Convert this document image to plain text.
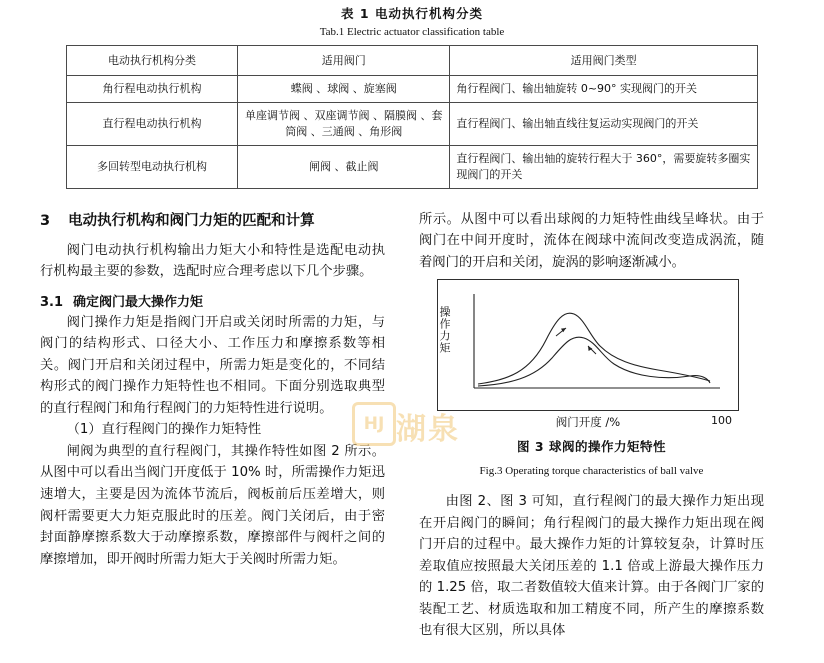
表 1 电动执行机构分类
Tab.1 Electric actuator classification table
电动执行机构分类	适用阀门	适用阀门类型
角行程电动执行机构	蝶阀 、球阀 、旋塞阀	角行程阀门、输出轴旋转 0~90° 实现阀门的开关
直行程电动执行机构	单座调节阀 、双座调节阀 、隔膜阀 、套筒阀 、三通阀 、角形阀	直行程阀门、输出轴直线往复运动实现阀门的开关
多回转型电动执行机构	闸阀 、截止阀	直行程阀门、输出轴的旋转行程大于 360°，需要旋转多圈实现阀门的开关
3 电动执行机构和阀门力矩的匹配和计算

阀门电动执行机构输出力矩大小和特性是选配电动执行机构最主要的参数，选配时应合理考虑以下几个步骤。

3.1 确定阀门最大操作力矩

阀门操作力矩是指阀门开启或关闭时所需的力矩，与阀门的结构形式、口径大小、工作压力和摩擦系数等相关。阀门开启和关闭过程中，所需力矩是变化的，不同结构形式的阀门操作力矩特性也不相同。下面分别选取典型的直行程阀门和角行程阀门的力矩特性进行说明。

（1）直行程阀门的操作力矩特性

闸阀为典型的直行程阀门，其操作特性如图 2 所示。从图中可以看出当阀门开度低于 10% 时，所需操作力矩迅速增大，主要是因为流体节流后，阀板前后压差增大，则阀杆需要更大力矩克服此时的压差。阀门关闭后，由于密封面静摩擦系数大于动摩擦系数，摩擦部件与阀杆之间的摩擦增加，即开阀时所需力矩大于关阀时所需力矩。

所示。从图中可以看出球阀的力矩特性曲线呈峰状。由于阀门在中间开度时，流体在阀球中流间改变造成涡流，随着阀门的开启和关闭，旋涡的影响逐渐减小。

操作力矩
100
阀门开度 /%
图 3 球阀的操作力矩特性
Fig.3 Operating torque characteristics of ball valve

由图 2、图 3 可知，直行程阀门的最大操作力矩出现在开启阀门的瞬间；角行程阀门的最大操作力矩出现在阀门开启的过程中。最大操作力矩的计算较复杂，计算时压差取值应按照最大关闭压差的 1.1 倍或上游最大操作压力的 1.25 倍，取二者数值较大值来计算。由于各阀门厂家的装配工艺、材质选取和加工精度不同，所产生的摩擦系数也有很大区别，所以具体

HJ 湖泉
